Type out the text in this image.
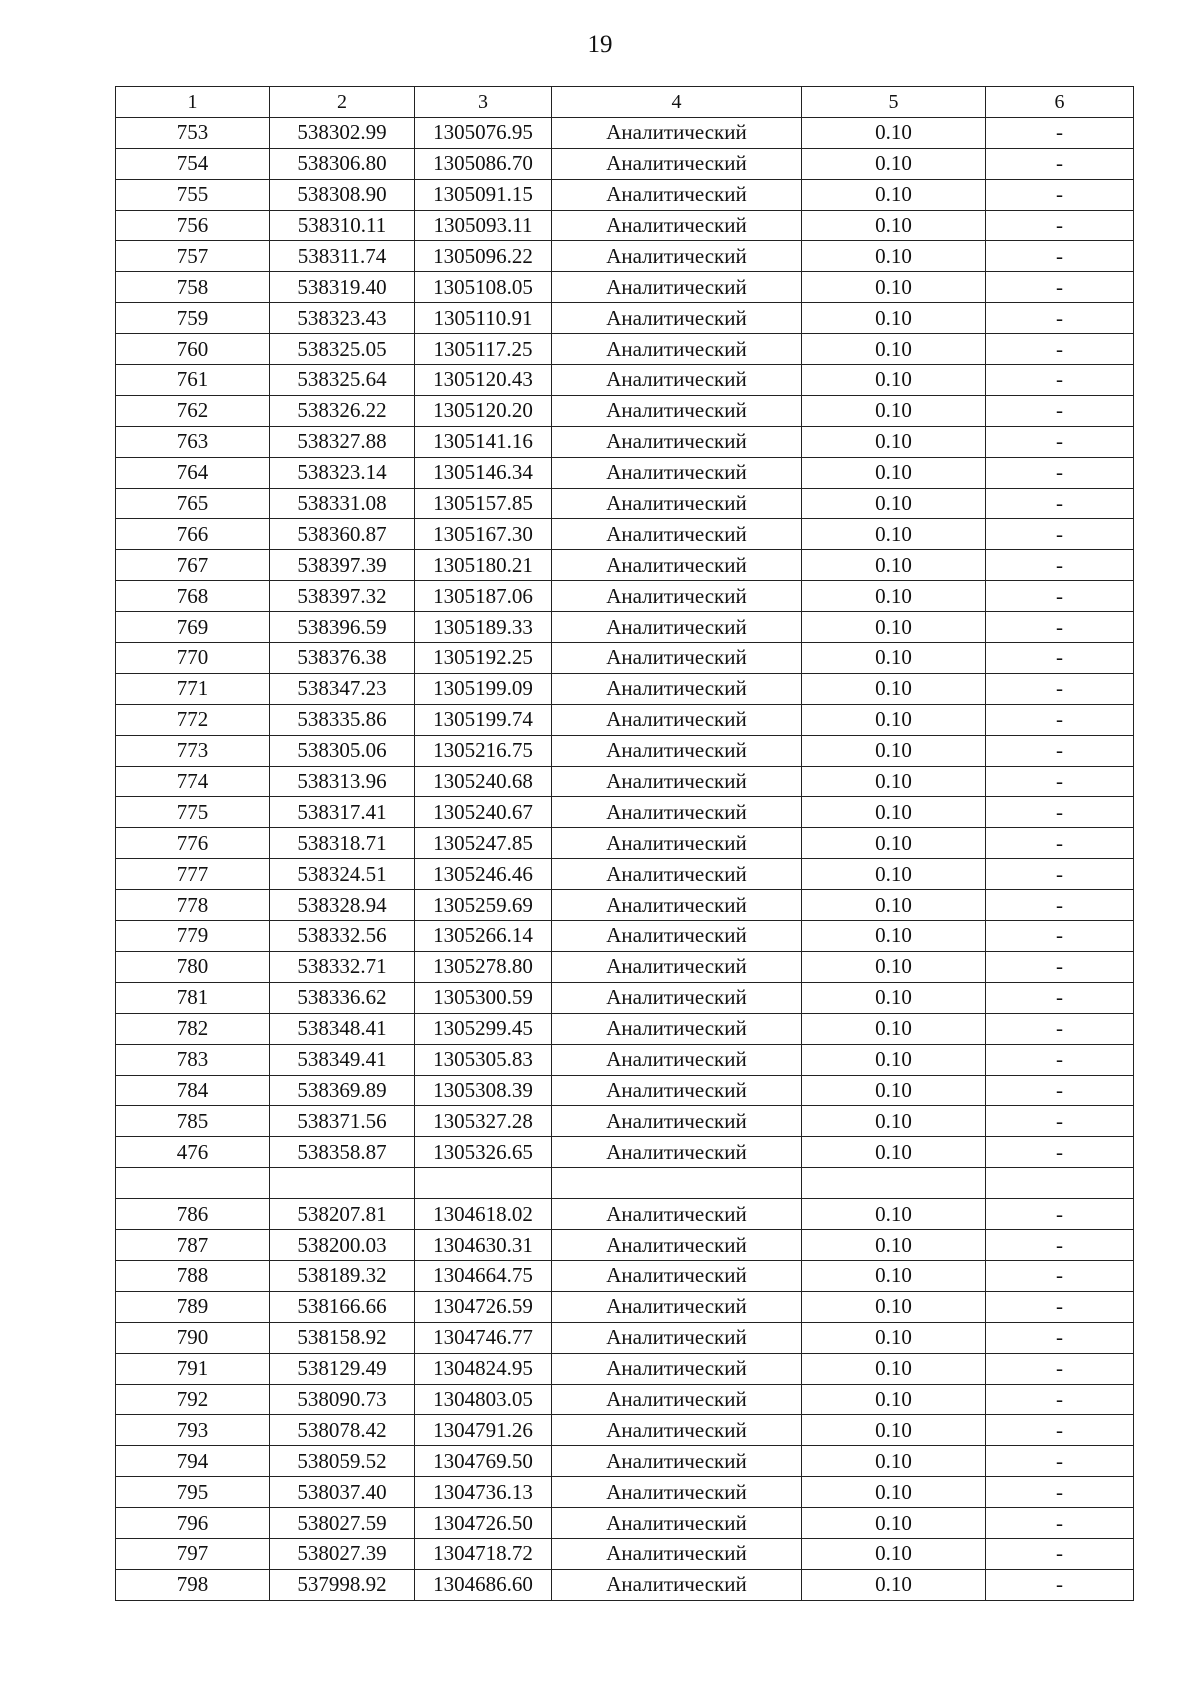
19
1	2	3	4	5	6
753	538302.99	1305076.95	Аналитический	0.10	-
754	538306.80	1305086.70	Аналитический	0.10	-
755	538308.90	1305091.15	Аналитический	0.10	-
756	538310.11	1305093.11	Аналитический	0.10	-
757	538311.74	1305096.22	Аналитический	0.10	-
758	538319.40	1305108.05	Аналитический	0.10	-
759	538323.43	1305110.91	Аналитический	0.10	-
760	538325.05	1305117.25	Аналитический	0.10	-
761	538325.64	1305120.43	Аналитический	0.10	-
762	538326.22	1305120.20	Аналитический	0.10	-
763	538327.88	1305141.16	Аналитический	0.10	-
764	538323.14	1305146.34	Аналитический	0.10	-
765	538331.08	1305157.85	Аналитический	0.10	-
766	538360.87	1305167.30	Аналитический	0.10	-
767	538397.39	1305180.21	Аналитический	0.10	-
768	538397.32	1305187.06	Аналитический	0.10	-
769	538396.59	1305189.33	Аналитический	0.10	-
770	538376.38	1305192.25	Аналитический	0.10	-
771	538347.23	1305199.09	Аналитический	0.10	-
772	538335.86	1305199.74	Аналитический	0.10	-
773	538305.06	1305216.75	Аналитический	0.10	-
774	538313.96	1305240.68	Аналитический	0.10	-
775	538317.41	1305240.67	Аналитический	0.10	-
776	538318.71	1305247.85	Аналитический	0.10	-
777	538324.51	1305246.46	Аналитический	0.10	-
778	538328.94	1305259.69	Аналитический	0.10	-
779	538332.56	1305266.14	Аналитический	0.10	-
780	538332.71	1305278.80	Аналитический	0.10	-
781	538336.62	1305300.59	Аналитический	0.10	-
782	538348.41	1305299.45	Аналитический	0.10	-
783	538349.41	1305305.83	Аналитический	0.10	-
784	538369.89	1305308.39	Аналитический	0.10	-
785	538371.56	1305327.28	Аналитический	0.10	-
476	538358.87	1305326.65	Аналитический	0.10	-

786	538207.81	1304618.02	Аналитический	0.10	-
787	538200.03	1304630.31	Аналитический	0.10	-
788	538189.32	1304664.75	Аналитический	0.10	-
789	538166.66	1304726.59	Аналитический	0.10	-
790	538158.92	1304746.77	Аналитический	0.10	-
791	538129.49	1304824.95	Аналитический	0.10	-
792	538090.73	1304803.05	Аналитический	0.10	-
793	538078.42	1304791.26	Аналитический	0.10	-
794	538059.52	1304769.50	Аналитический	0.10	-
795	538037.40	1304736.13	Аналитический	0.10	-
796	538027.59	1304726.50	Аналитический	0.10	-
797	538027.39	1304718.72	Аналитический	0.10	-
798	537998.92	1304686.60	Аналитический	0.10	-
